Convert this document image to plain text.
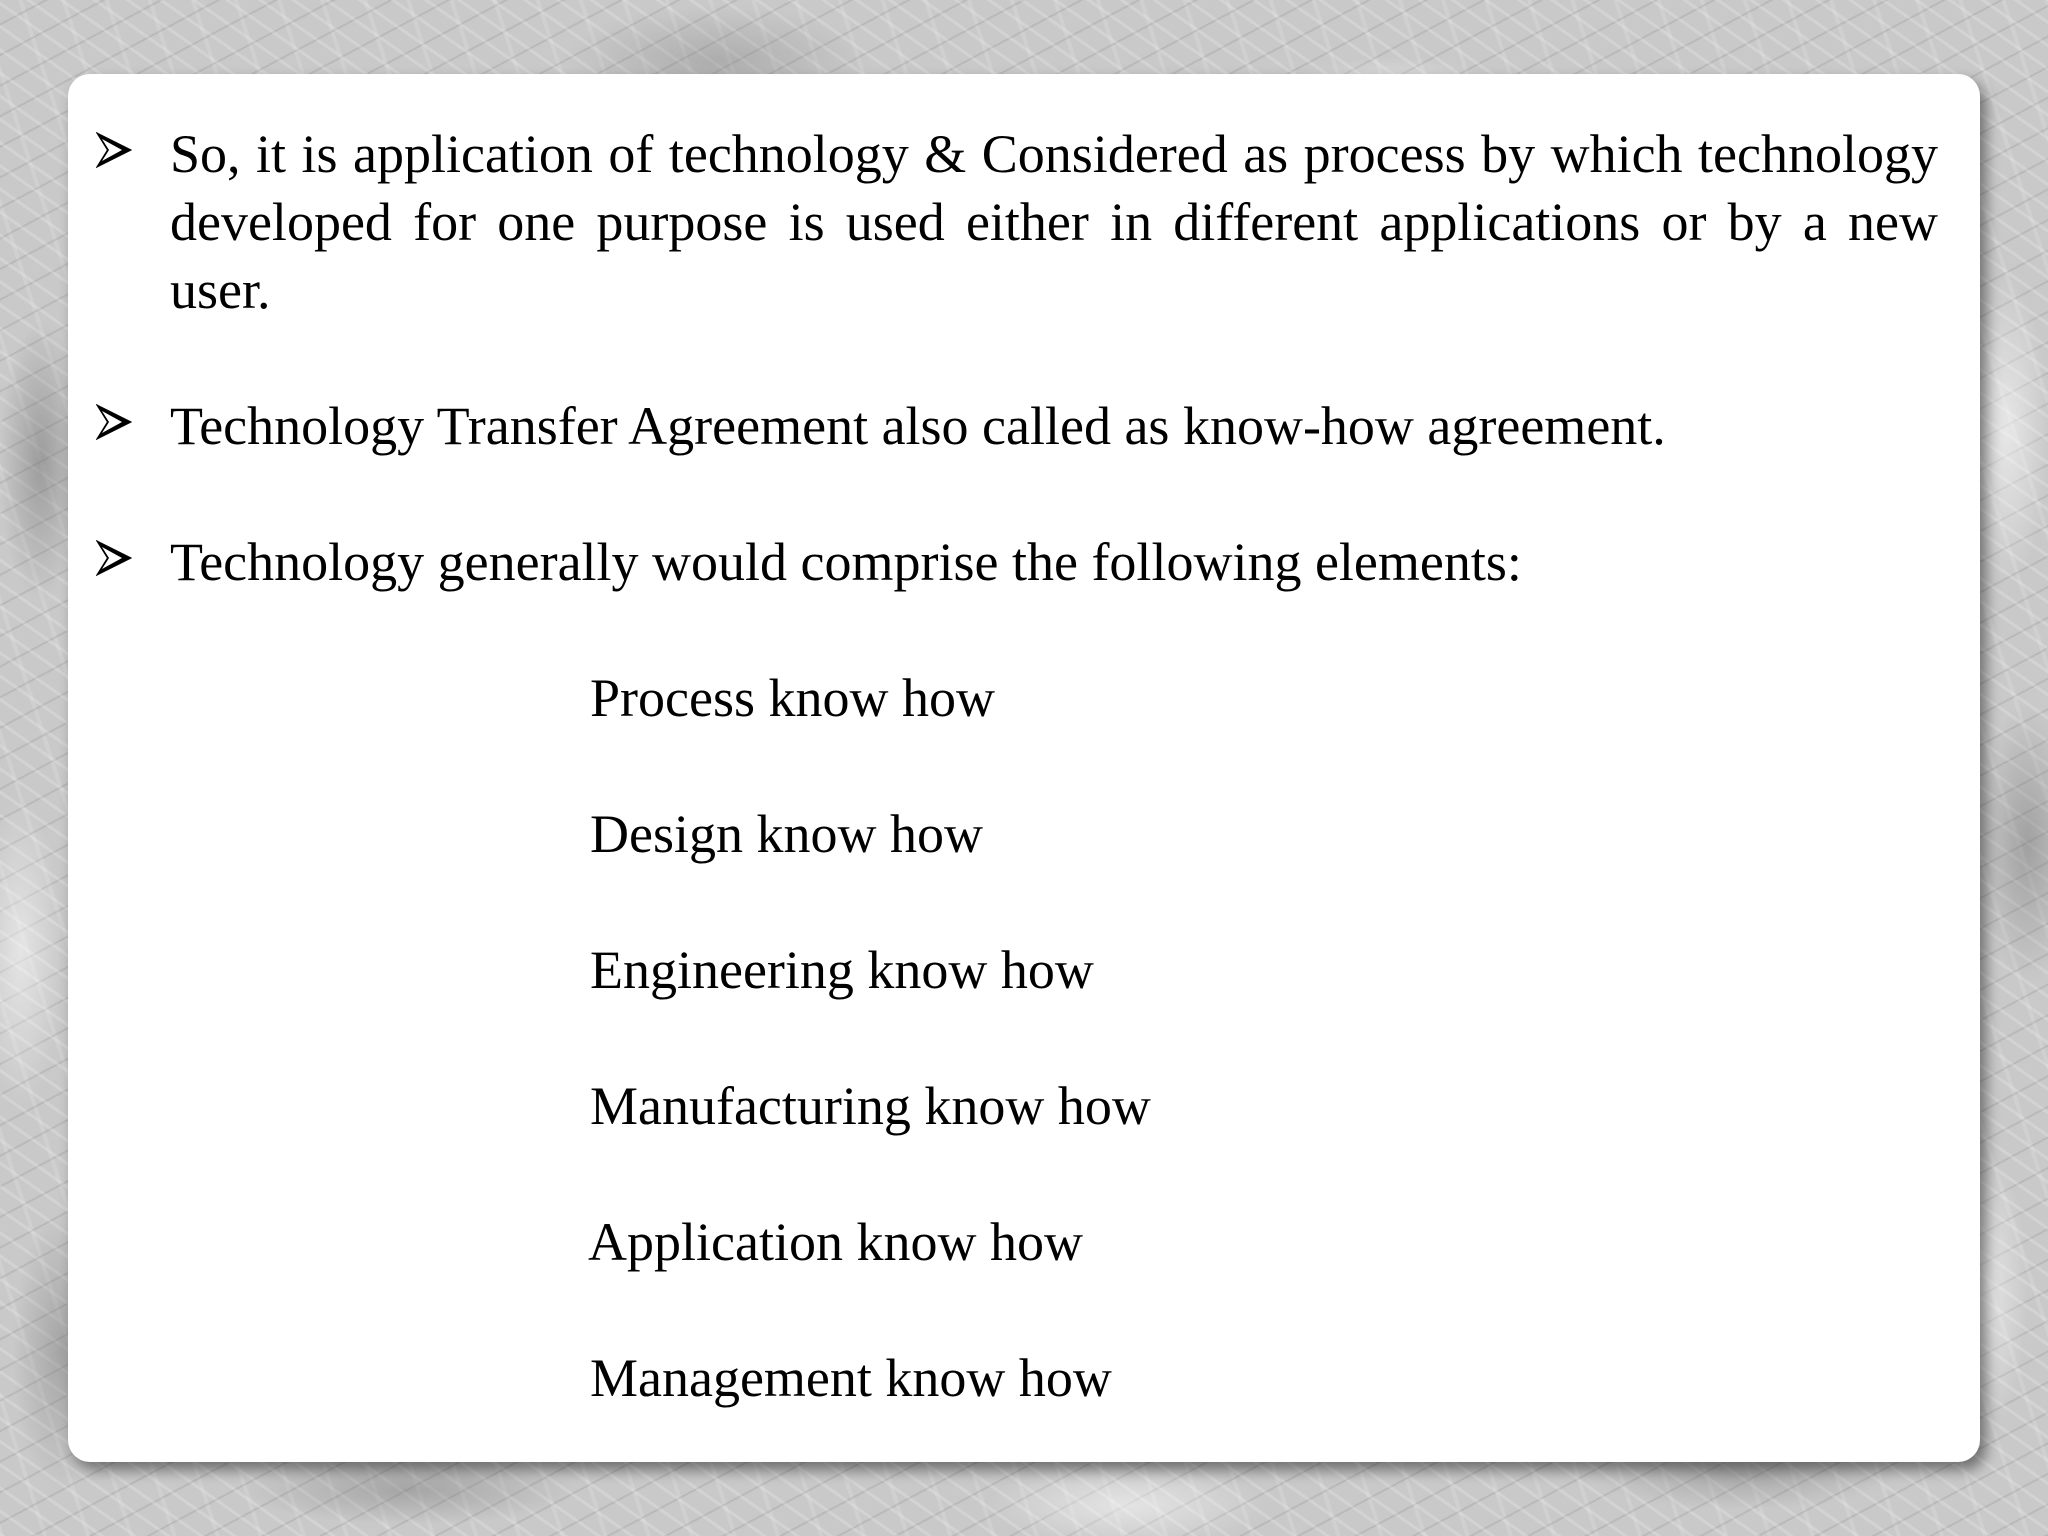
So, it is application of technology & Considered as process by which technology developed for one purpose is used either in different applications or by a new user.

Technology Transfer Agreement also called as know-how agreement.

Technology generally would comprise the following elements:

Process know how
Design know how
Engineering know how
Manufacturing know how
Application know how
Management know how
